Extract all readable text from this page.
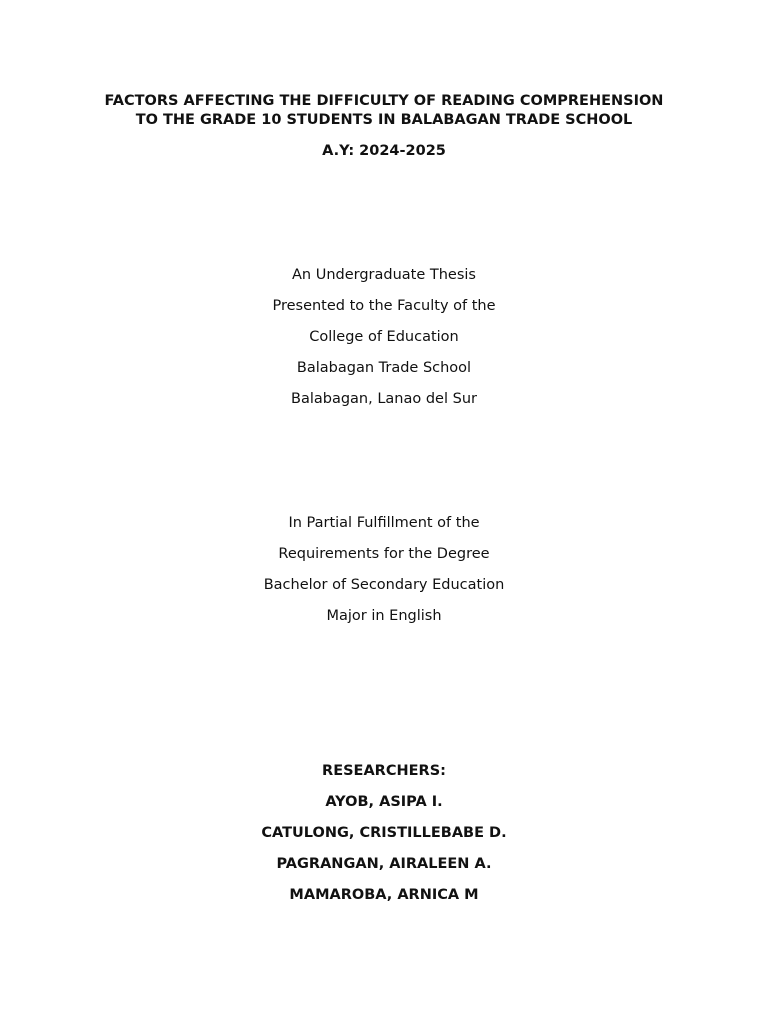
FACTORS AFFECTING THE DIFFICULTY OF READING COMPREHENSION
TO THE GRADE 10 STUDENTS IN BALABAGAN TRADE SCHOOL
A.Y: 2024-2025
An Undergraduate Thesis
Presented to the Faculty of the
College of Education
Balabagan Trade School
Balabagan, Lanao del Sur
In Partial Fulfillment of the
Requirements for the Degree
Bachelor of Secondary Education
Major in English
RESEARCHERS:
AYOB, ASIPA I.
CATULONG, CRISTILLEBABE D.
PAGRANGAN, AIRALEEN A.
MAMAROBA, ARNICA M
